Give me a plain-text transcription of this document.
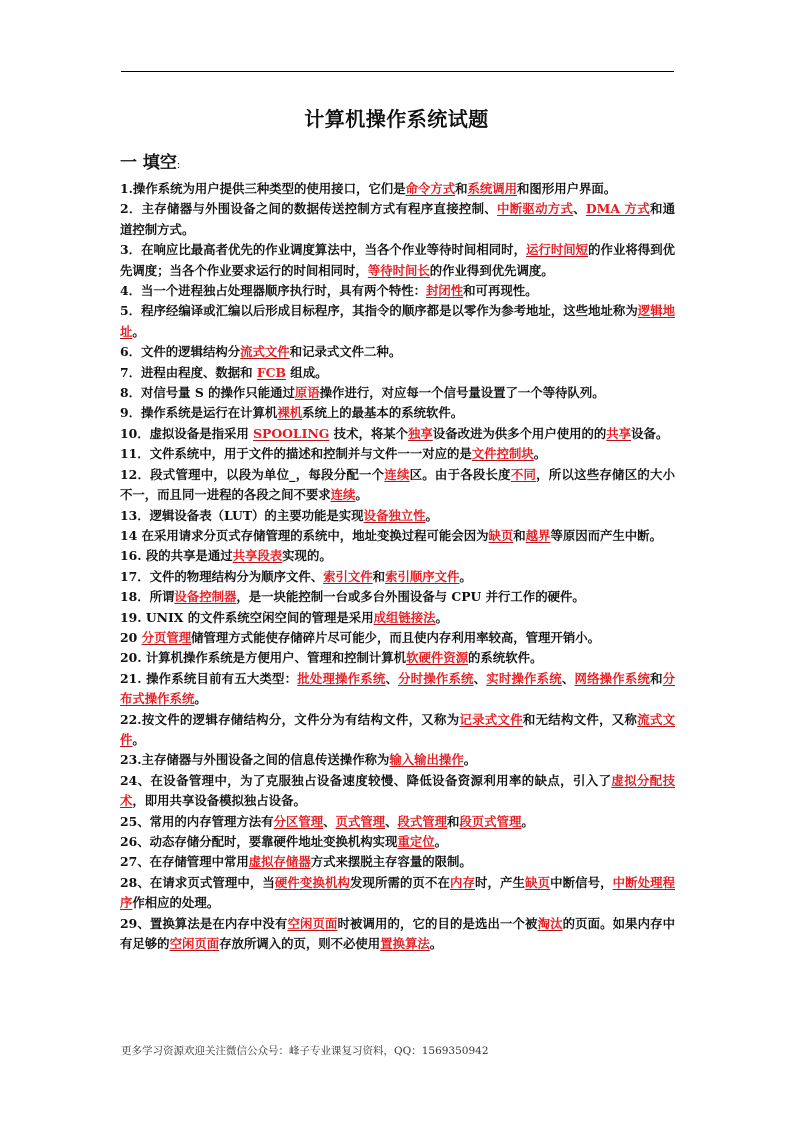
计算机操作系统试题
一 填空:

1.操作系统为用户提供三种类型的使用接口，它们是命令方式和系统调用和图形用户界面。

2．主存储器与外围设备之间的数据传送控制方式有程序直接控制、中断驱动方式、DMA 方式和通道控制方式。

3．在响应比最高者优先的作业调度算法中，当各个作业等待时间相同时，运行时间短的作业将得到优先调度；当各个作业要求运行的时间相同时，等待时间长的作业得到优先调度。

4．当一个进程独占处理器顺序执行时，具有两个特性：封闭性和可再现性。

5．程序经编译或汇编以后形成目标程序，其指令的顺序都是以零作为参考地址，这些地址称为逻辑地址。

6．文件的逻辑结构分流式文件和记录式文件二种。

7．进程由程度、数据和 FCB 组成。

8．对信号量 S 的操作只能通过原语操作进行，对应每一个信号量设置了一个等待队列。

9．操作系统是运行在计算机裸机系统上的最基本的系统软件。

10．虚拟设备是指采用 SPOOLING 技术，将某个独享设备改进为供多个用户使用的的共享设备。

11．文件系统中，用于文件的描述和控制并与文件一一对应的是文件控制块。

12．段式管理中，以段为单位_，每段分配一个连续区。由于各段长度不同，所以这些存储区的大小不一，而且同一进程的各段之间不要求连续。

13．逻辑设备表（LUT）的主要功能是实现设备独立性。

14 在采用请求分页式存储管理的系统中，地址变换过程可能会因为缺页和越界等原因而产生中断。

16. 段的共享是通过共享段表实现的。

17．文件的物理结构分为顺序文件、索引文件和索引顺序文件。

18．所谓设备控制器，是一块能控制一台或多台外围设备与 CPU 并行工作的硬件。

19. UNIX 的文件系统空闲空间的管理是采用成组链接法。

20 分页管理储管理方式能使存储碎片尽可能少，而且使内存利用率较高，管理开销小。

20. 计算机操作系统是方便用户、管理和控制计算机软硬件资源的系统软件。

21. 操作系统目前有五大类型：批处理操作系统、分时操作系统、实时操作系统、网络操作系统和分布式操作系统。

22.按文件的逻辑存储结构分，文件分为有结构文件，又称为记录式文件和无结构文件，又称流式文件。

23.主存储器与外围设备之间的信息传送操作称为输入输出操作。

24、在设备管理中，为了克服独占设备速度较慢、降低设备资源利用率的缺点，引入了虚拟分配技术，即用共享设备模拟独占设备。

25、常用的内存管理方法有分区管理、页式管理、段式管理和段页式管理。

26、动态存储分配时，要靠硬件地址变换机构实现重定位。

27、在存储管理中常用虚拟存储器方式来摆脱主存容量的限制。

28、在请求页式管理中，当硬件变换机构发现所需的页不在内存时，产生缺页中断信号，中断处理程序作相应的处理。

29、置换算法是在内存中没有空闲页面时被调用的，它的目的是选出一个被淘汰的页面。如果内存中有足够的空闲页面存放所调入的页，则不必使用置换算法。

更多学习资源欢迎关注微信公众号：峰子专业课复习资料，QQ：1569350942
